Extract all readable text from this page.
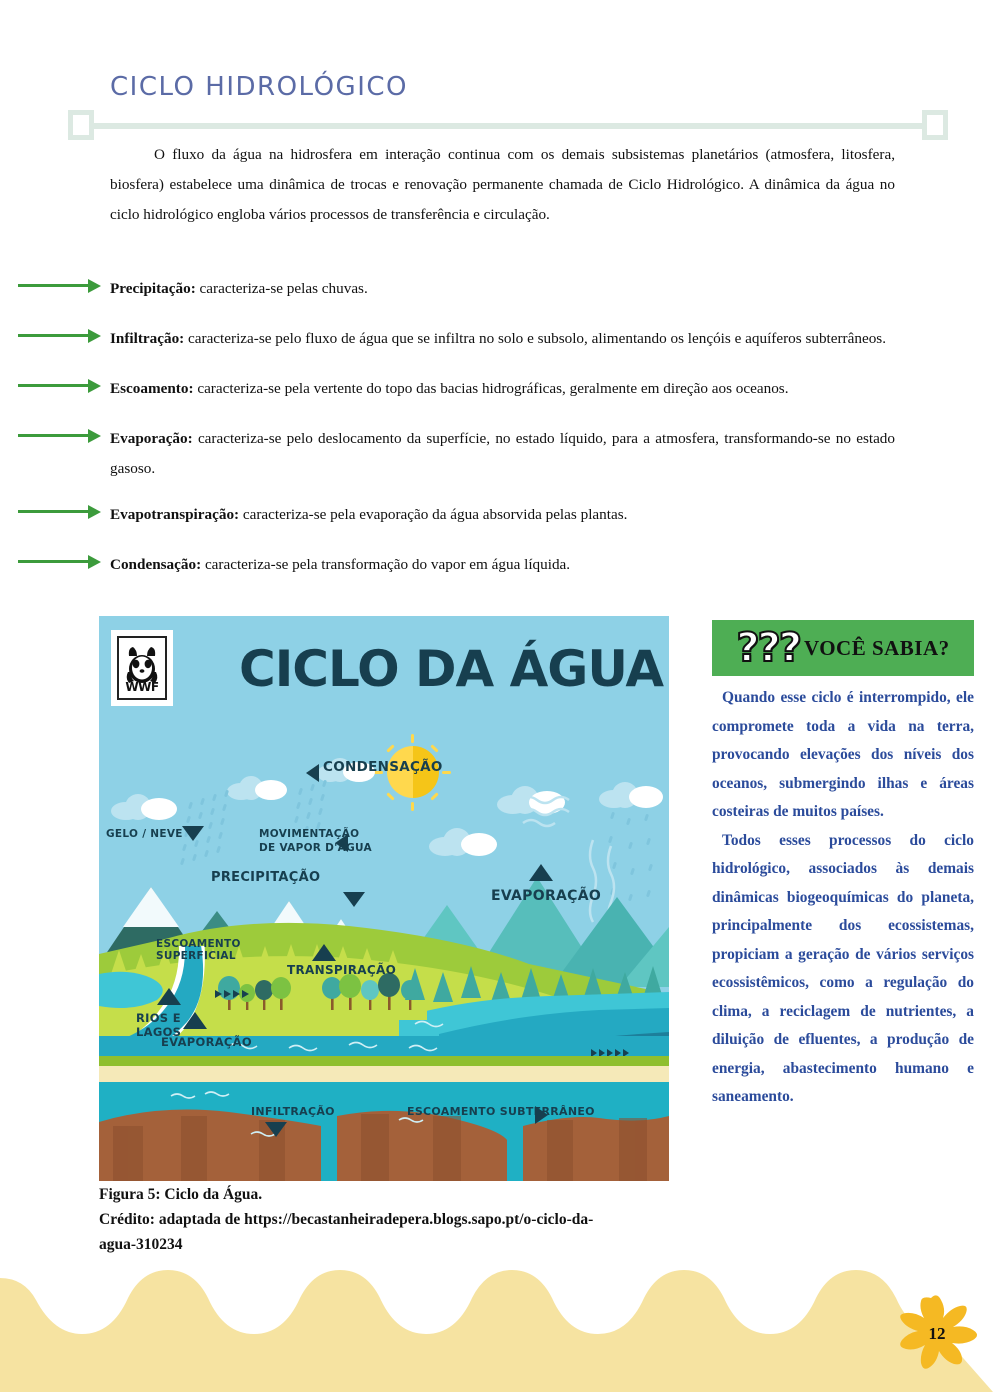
CICLO HIDROLÓGICO
O fluxo da água na hidrosfera em interação continua com os demais subsistemas planetários (atmosfera, litosfera, biosfera) estabelece uma dinâmica de trocas e renovação permanente chamada de Ciclo Hidrológico. A dinâmica da água no ciclo hidrológico engloba vários processos de transferência e circulação.
Precipitação: caracteriza-se pelas chuvas.
Infiltração: caracteriza-se pelo fluxo de água que se infiltra no solo e subsolo, alimentando os lençóis e aquíferos subterrâneos.
Escoamento: caracteriza-se pela vertente do topo das bacias hidrográficas, geralmente em direção aos oceanos.
Evaporação: caracteriza-se pelo deslocamento da superfície, no estado líquido, para a atmosfera, transformando-se no estado gasoso.
Evapotranspiração: caracteriza-se pela evaporação da água absorvida pelas plantas.
Condensação: caracteriza-se pela transformação do vapor em água líquida.
WWF CICLO DA ÁGUA
CONDENSAÇÃO
MOVIMENTAÇÃO
DE VAPOR D'ÁGUA
GELO / NEVE
PRECIPITAÇÃO
EVAPORAÇÃO
ESCOAMENTO
SUPERFICIAL
TRANSPIRAÇÃO
RIOS E
LAGOS
EVAPORAÇÃO
INFILTRAÇÃO	ESCOAMENTO SUBTERRÂNEO
Figura 5: Ciclo da Água.
Crédito: adaptada de https://becastanheiradepera.blogs.sapo.pt/o-ciclo-da-
agua-310234
??? VOCÊ SABIA?

Quando esse ciclo é interrompido, ele compromete toda a vida na terra, provocando elevações dos níveis dos oceanos, submergindo ilhas e áreas costeiras de muitos países.

Todos esses processos do ciclo hidrológico, associados às demais dinâmicas biogeoquímicas do planeta, principalmente dos ecossistemas, propiciam a geração de vários serviços ecossistêmicos, como a regulação do clima, a reciclagem de nutrientes, a diluição de efluentes, a produção de energia, abastecimento humano e saneamento.

12
